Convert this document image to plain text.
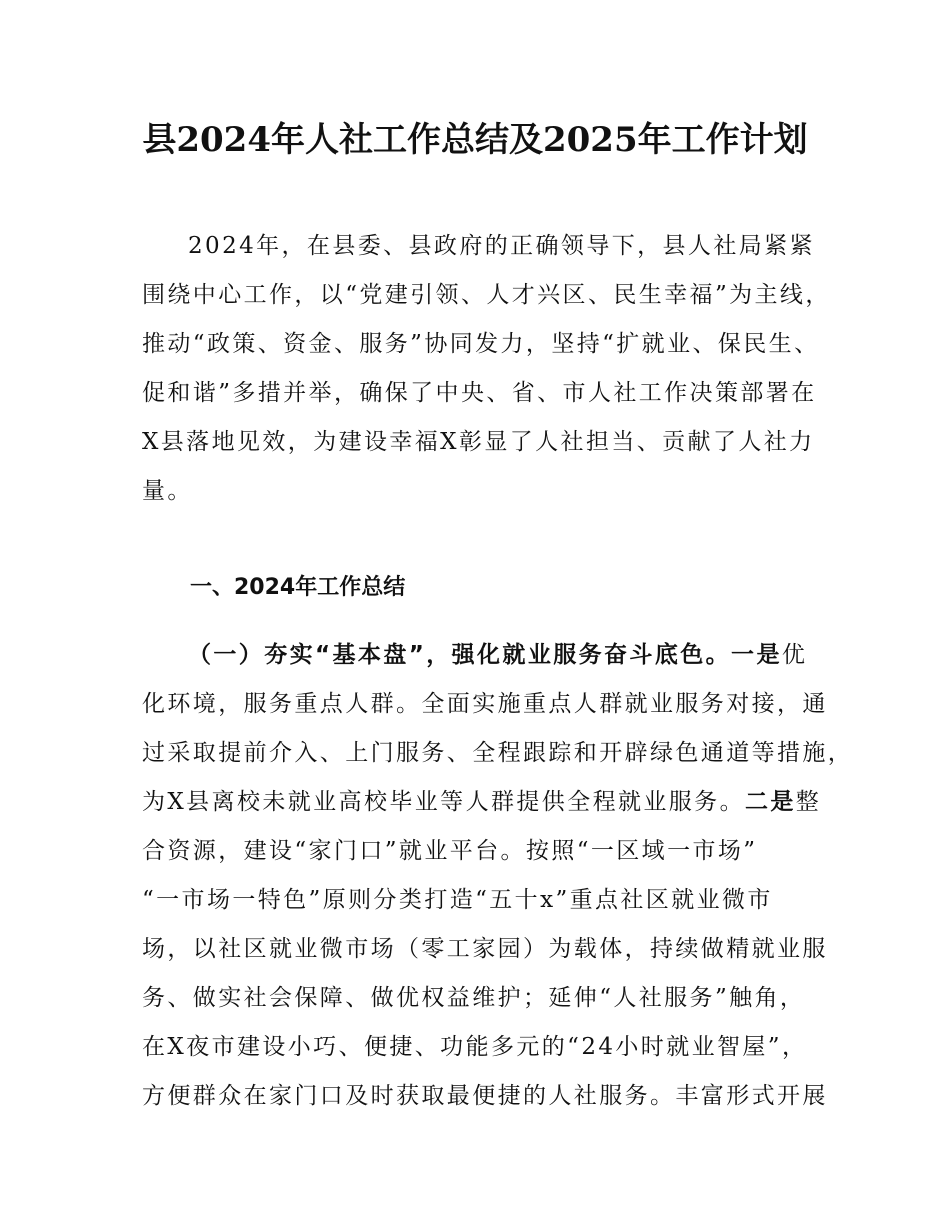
县2024年人社工作总结及2025年工作计划
2024年，在县委、县政府的正确领导下，县人社局紧紧
围绕中心工作，以“党建引领、人才兴区、民生幸福”为主线，
推动“政策、资金、服务”协同发力，坚持“扩就业、保民生、
促和谐”多措并举，确保了中央、省、市人社工作决策部署在
X县落地见效，为建设幸福X彰显了人社担当、贡献了人社力
量。
一、2024年工作总结
（一）夯实“基本盘”，强化就业服务奋斗底色。一是优
化环境，服务重点人群。全面实施重点人群就业服务对接，通
过采取提前介入、上门服务、全程跟踪和开辟绿色通道等措施，
为X县离校未就业高校毕业等人群提供全程就业服务。二是整
合资源，建设“家门口”就业平台。按照“一区域一市场”
“一市场一特色”原则分类打造“五十x”重点社区就业微市
场，以社区就业微市场（零工家园）为载体，持续做精就业服
务、做实社会保障、做优权益维护；延伸“人社服务”触角，
在X夜市建设小巧、便捷、功能多元的“24小时就业智屋”，
方便群众在家门口及时获取最便捷的人社服务。丰富形式开展
